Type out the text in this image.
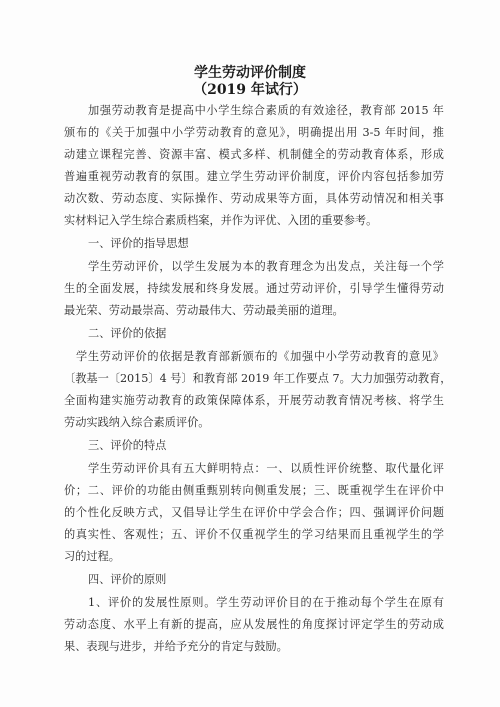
学生劳动评价制度
（2019 年试行）

加强劳动教育是提高中小学生综合素质的有效途径，教育部 2015 年

颁布的《关于加强中小学劳动教育的意见》，明确提出用 3-5 年时间，推

动建立课程完善、资源丰富、模式多样、机制健全的劳动教育体系，形成

普遍重视劳动教育的氛围。建立学生劳动评价制度，评价内容包括参加劳

动次数、劳动态度、实际操作、劳动成果等方面，具体劳动情况和相关事

实材料记入学生综合素质档案，并作为评优、入团的重要参考。

一、评价的指导思想

学生劳动评价，以学生发展为本的教育理念为出发点，关注每一个学

生的全面发展，持续发展和终身发展。通过劳动评价，引导学生懂得劳动

最光荣、劳动最崇高、劳动最伟大、劳动最美丽的道理。

二、评价的依据

学生劳动评价的依据是教育部新颁布的《加强中小学劳动教育的意见》

〔教基一〔2015〕4 号〕和教育部 2019 年工作要点 7。大力加强劳动教育，

全面构建实施劳动教育的政策保障体系，开展劳动教育情况考核、将学生

劳动实践纳入综合素质评价。

三、评价的特点

学生劳动评价具有五大鲜明特点：一、以质性评价统整、取代量化评

价；二、评价的功能由侧重甄别转向侧重发展；三、既重视学生在评价中

的个性化反映方式，又倡导让学生在评价中学会合作；四、强调评价问题

的真实性、客观性；五、评价不仅重视学生的学习结果而且重视学生的学

习的过程。

四、评价的原则

1、评价的发展性原则。学生劳动评价目的在于推动每个学生在原有

劳动态度、水平上有新的提高，应从发展性的角度探讨评定学生的劳动成

果、表现与进步，并给予充分的肯定与鼓励。
